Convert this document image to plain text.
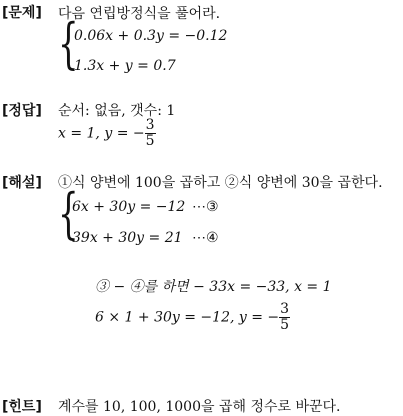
[문제] 다음 연립방정식을 풀어라.
{
0.06x + 0.3y = −0.12
1.3x + y = 0.7
[정답] 순서: 없음, 갯수: 1
x = 1, y = − $\frac{3}{5}$
[해설] ①식 양변에 100을 곱하고 ②식 양변에 30을 곱한다.
{
6x + 30y = −12 ⋯③
39x + 30y = 21 ⋯④
③ − ④를 하면 − 33x = −33, x = 1
6 × 1 + 30y = −12, y = − $\frac{3}{5}$
[힌트] 계수를 10, 100, 1000을 곱해 정수로 바꾼다.
